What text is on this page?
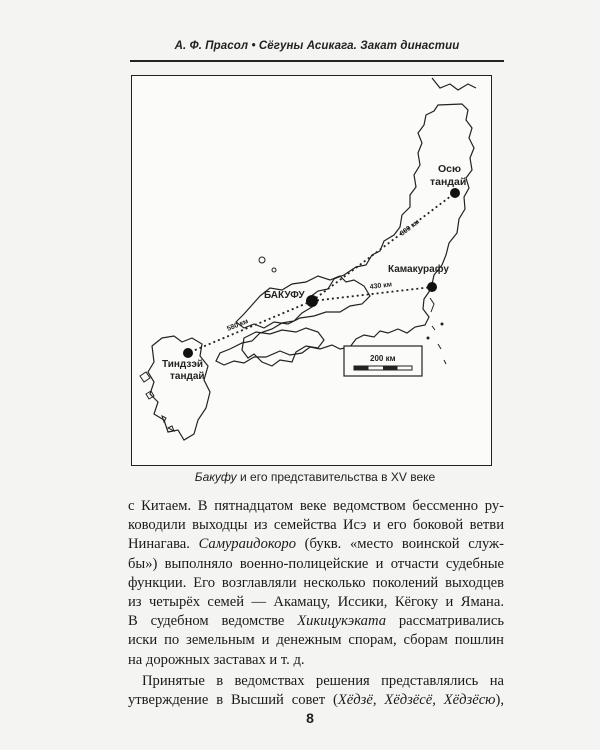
А. Ф. Прасол • Сёгуны Асикага. Закат династии
Осю
тандай
Камакурафу
БАКУФУ
Тиндзэй
тандай
800 км
430 км
580 км
200 км
Бакуфу и его представительства в XV веке

с Китаем. В пятнадцатом веке ведомством бессменно ру-
ководили выходцы из семейства Исэ и его боковой ветви
Нинагава. Самураидокоро (букв. «место воинской служ-
бы») выполняло военно-полицейские и отчасти судебные
функции. Его возглавляли несколько поколений выходцев
из четырёх семей — Акамацу, Иссики, Кёгоку и Ямана.
В судебном ведомстве Хикицукэката рассматривались
иски по земельным и денежным спорам, сборам пошлин
на дорожных заставах и т. д.

Принятые в ведомствах решения представлялись на
утверждение в Высший совет (Хёдзё, Хёдзёсё, Хёдзёсю),

8
